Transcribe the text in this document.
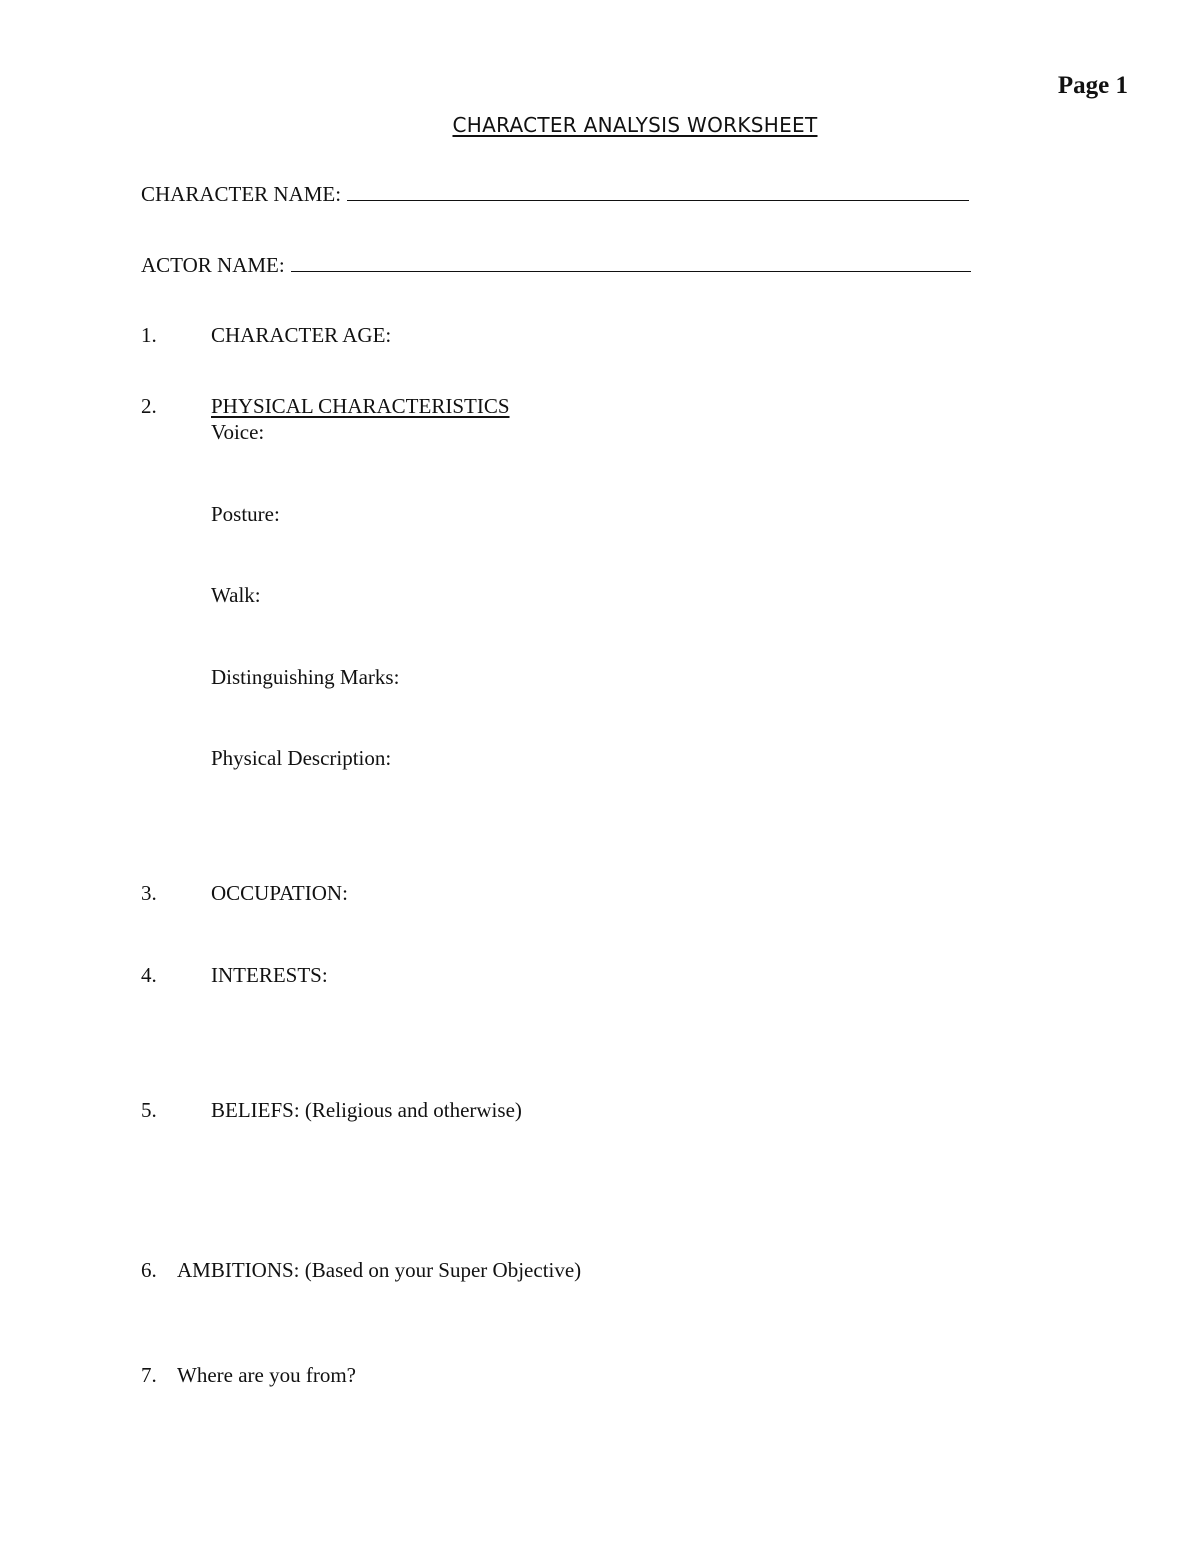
Page 1
CHARACTER ANALYSIS WORKSHEET
CHARACTER NAME:
ACTOR NAME:
1.	CHARACTER AGE:
2.	PHYSICAL CHARACTERISTICS
Voice:
Posture:
Walk:
Distinguishing Marks:
Physical Description:
3.	OCCUPATION:
4.	INTERESTS:
5.	BELIEFS: (Religious and otherwise)
6. AMBITIONS: (Based on your Super Objective)
7. Where are you from?
